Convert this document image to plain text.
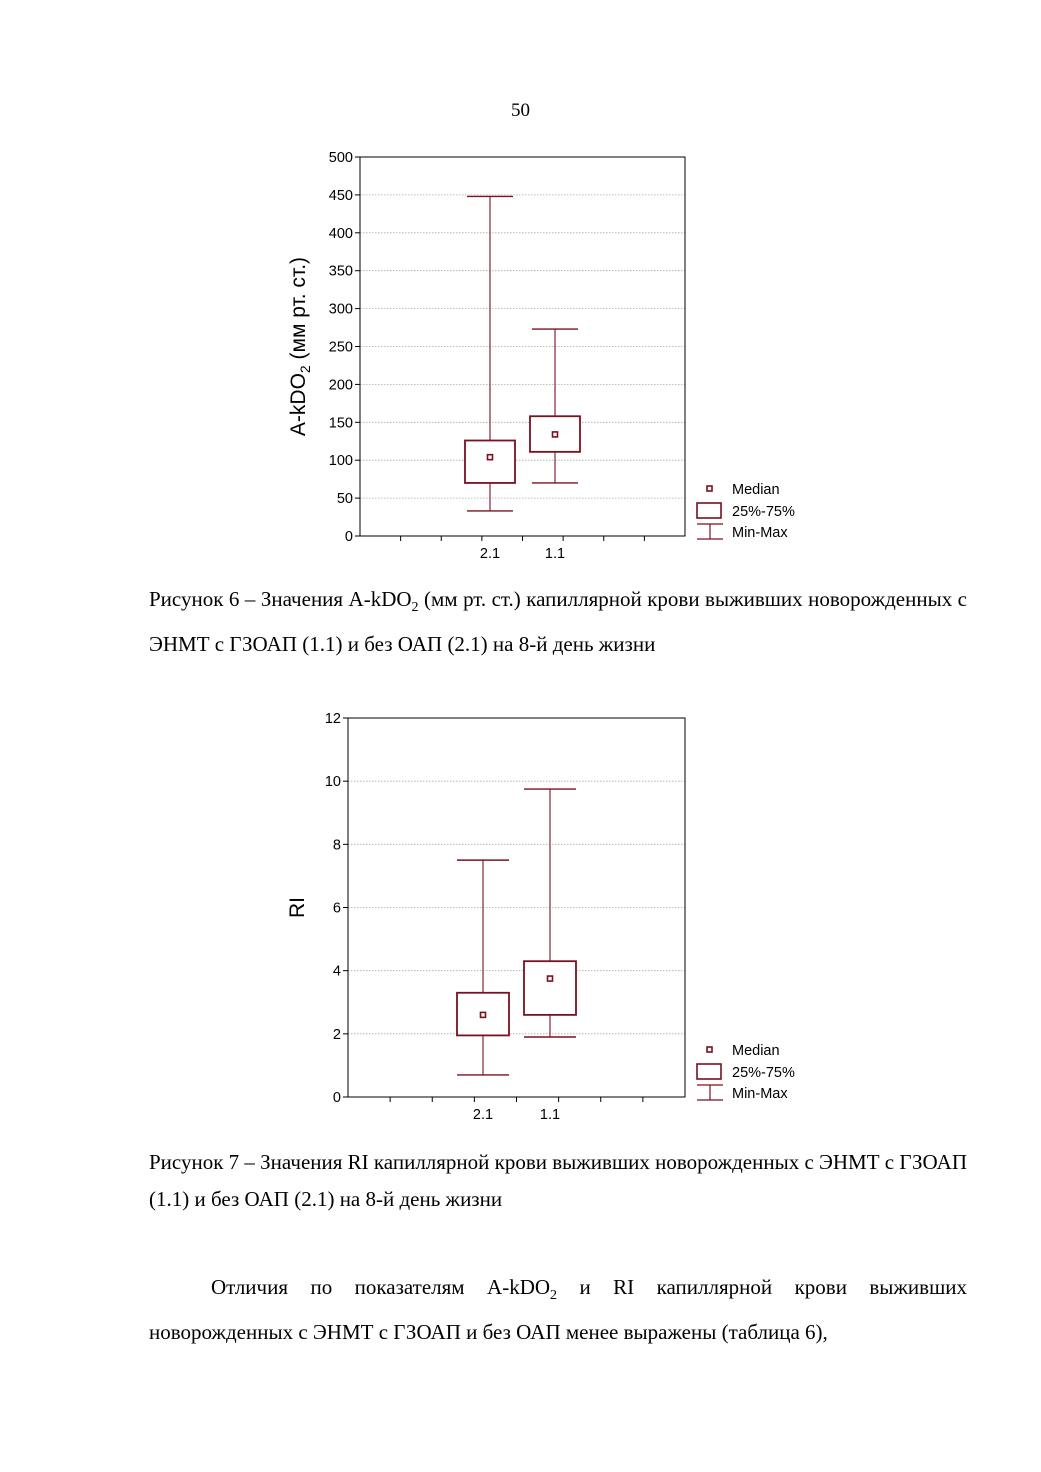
50
0
50
100
150
200
250
300
350
400
450
500
2.1	1.1
A-kDO$_2$ (мм рт. ст.)
Median
25%-75%
Min-Max
Рисунок 6 – Значения A-kDO$_2$ (мм рт. ст.) капиллярной крови выживших новорожденных с ЭНМТ с ГЗОАП (1.1) и без ОАП (2.1) на 8-й день жизни
0
2
4
6
8
10
12
2.1	1.1
RI
Median
25%-75%
Min-Max
Рисунок 7 – Значения RI капиллярной крови выживших новорожденных с ЭНМТ с ГЗОАП (1.1) и без ОАП (2.1) на 8-й день жизни
Отличия по показателям A-kDO$_2$ и RI капиллярной крови выживших новорожденных с ЭНМТ с ГЗОАП и без ОАП менее выражены (таблица 6),
